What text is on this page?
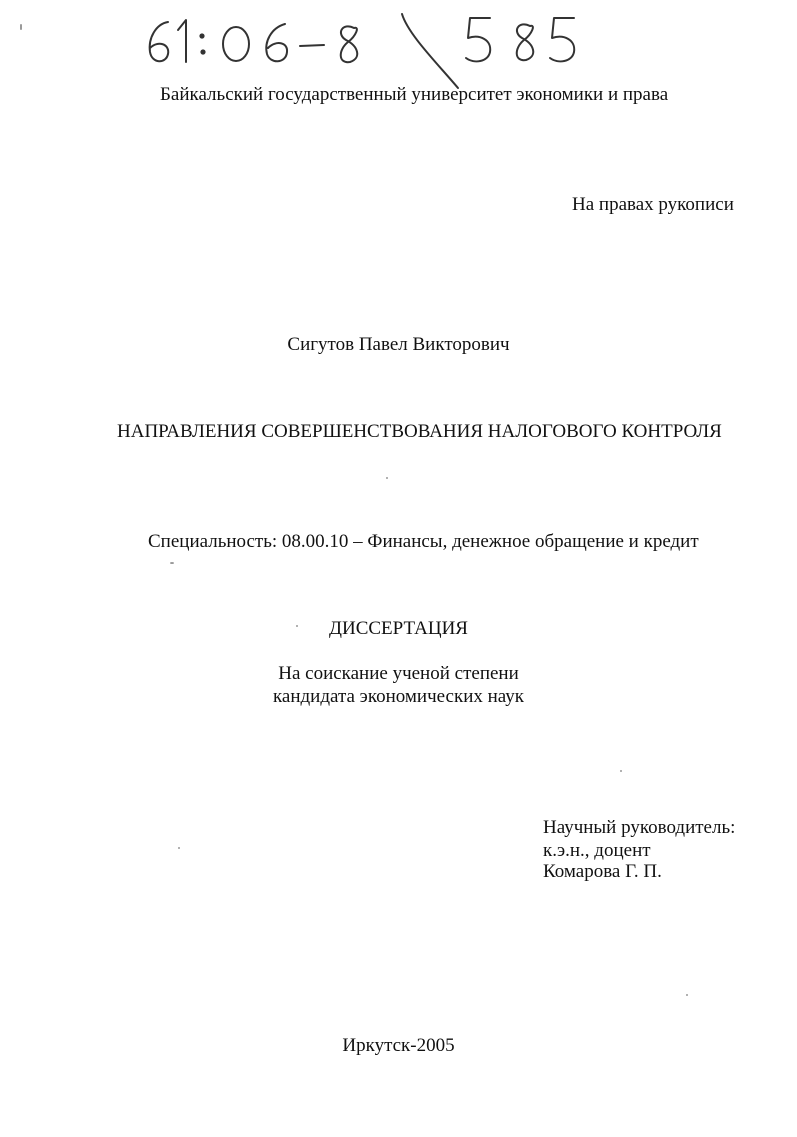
Байкальский государственный университет экономики и права
На правах рукописи
Сигутов Павел Викторович
НАПРАВЛЕНИЯ СОВЕРШЕНСТВОВАНИЯ НАЛОГОВОГО КОНТРОЛЯ
Специальность: 08.00.10 – Финансы, денежное обращение и кредит
ДИССЕРТАЦИЯ
На соискание ученой степени
кандидата экономических наук
Научный руководитель:
к.э.н., доцент
Комарова Г. П.
Иркутск-2005
